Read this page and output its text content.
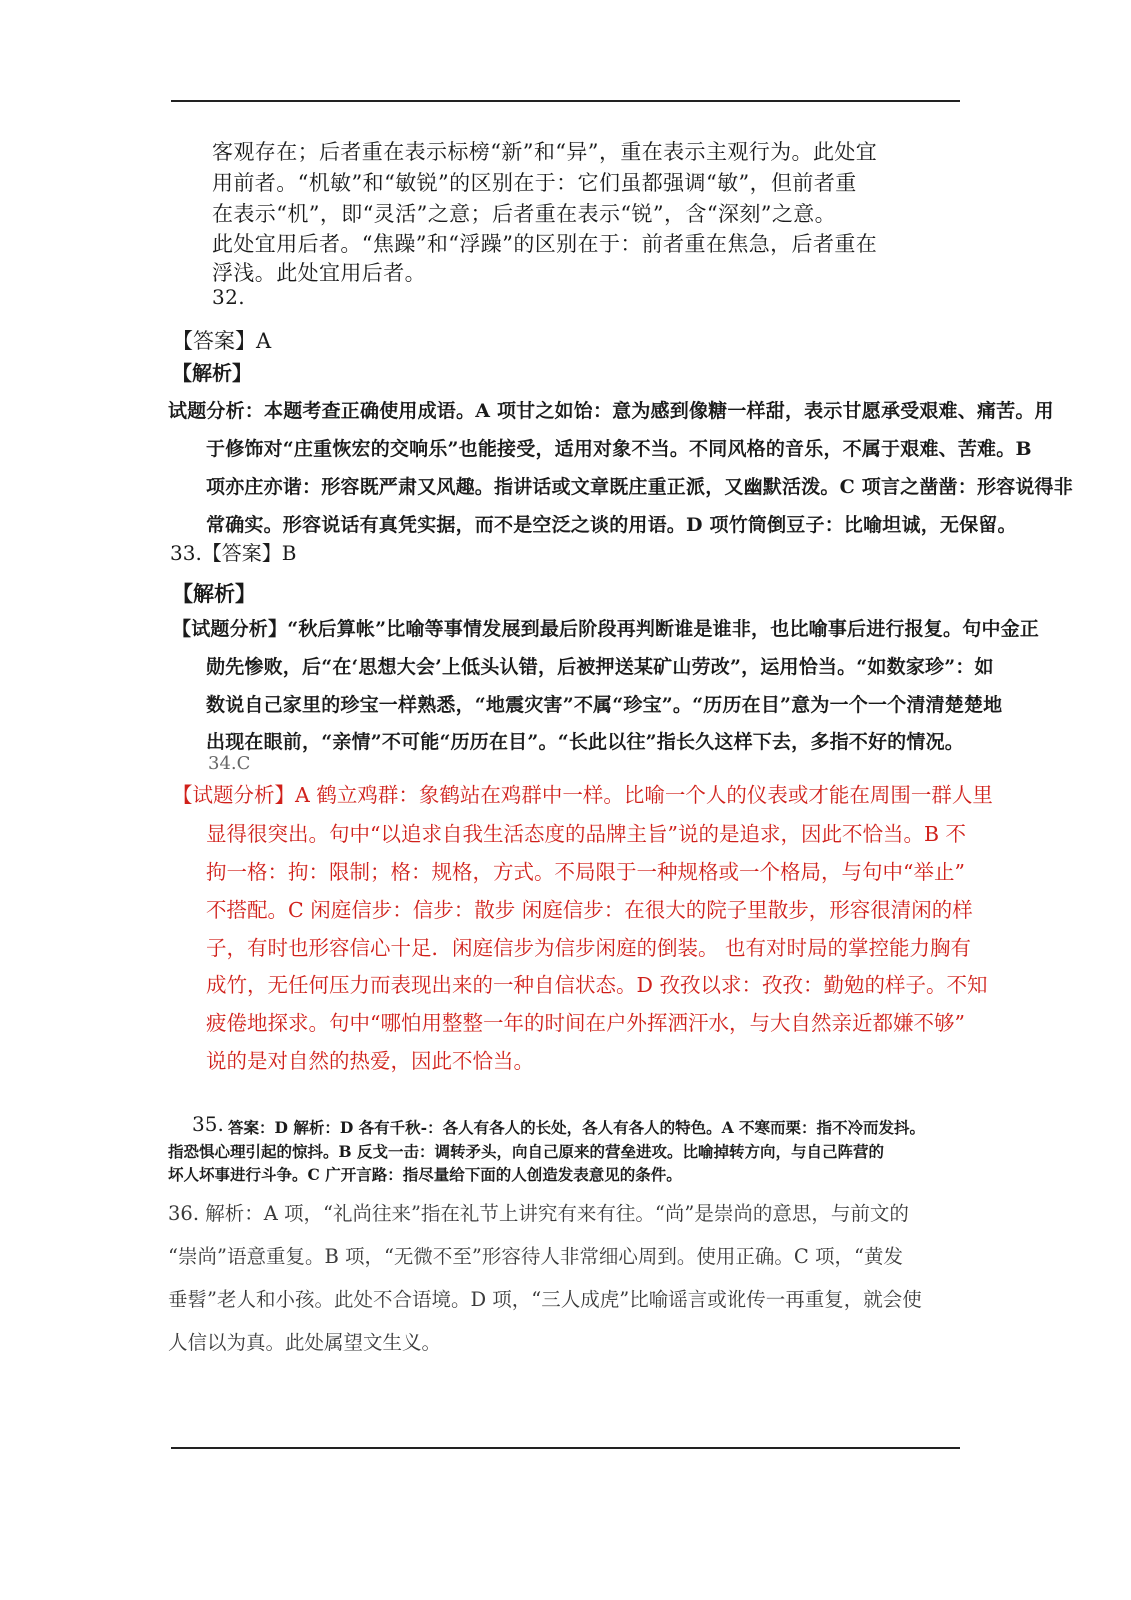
客观存在；后者重在表示标榜“新”和“异”，重在表示主观行为。此处宜
用前者。“机敏”和“敏锐”的区别在于：它们虽都强调“敏”，但前者重
在表示“机”，即“灵活”之意；后者重在表示“锐”，含“深刻”之意。
此处宜用后者。“焦躁”和“浮躁”的区别在于：前者重在焦急，后者重在
浮浅。此处宜用后者。
32.
【答案】A
【解析】
试题分析：本题考查正确使用成语。A 项甘之如饴：意为感到像糖一样甜，表示甘愿承受艰难、痛苦。用
于修饰对“庄重恢宏的交响乐”也能接受，适用对象不当。不同风格的音乐，不属于艰难、苦难。B
项亦庄亦谐：形容既严肃又风趣。指讲话或文章既庄重正派，又幽默活泼。C 项言之凿凿：形容说得非
常确实。形容说话有真凭实据，而不是空泛之谈的用语。D 项竹筒倒豆子：比喻坦诚，无保留。
33.【答案】B
【解析】
【试题分析】“秋后算帐”比喻等事情发展到最后阶段再判断谁是谁非，也比喻事后进行报复。句中金正
勋先惨败，后“在‘思想大会’上低头认错，后被押送某矿山劳改”，运用恰当。“如数家珍”：如
数说自己家里的珍宝一样熟悉，“地震灾害”不属“珍宝”。“历历在目”意为一个一个清清楚楚地
出现在眼前，“亲情”不可能“历历在目”。“长此以往”指长久这样下去，多指不好的情况。
34.C
【试题分析】A 鹤立鸡群：象鹤站在鸡群中一样。比喻一个人的仪表或才能在周围一群人里
显得很突出。句中“以追求自我生活态度的品牌主旨”说的是追求，因此不恰当。B 不
拘一格：拘：限制；格：规格，方式。不局限于一种规格或一个格局，与句中“举止”
不搭配。C 闲庭信步：信步：散步 闲庭信步：在很大的院子里散步，形容很清闲的样
子，有时也形容信心十足．闲庭信步为信步闲庭的倒装。 也有对时局的掌控能力胸有
成竹，无任何压力而表现出来的一种自信状态。D 孜孜以求：孜孜：勤勉的样子。不知
疲倦地探求。句中“哪怕用整整一年的时间在户外挥洒汗水，与大自然亲近都嫌不够”
说的是对自然的热爱，因此不恰当。
35. 答案：D 解析：D 各有千秋-：各人有各人的长处，各人有各人的特色。A 不寒而栗：指不冷而发抖。
指恐惧心理引起的惊抖。B 反戈一击：调转矛头，向自己原来的营垒进攻。比喻掉转方向，与自己阵营的
坏人坏事进行斗争。C 广开言路：指尽量给下面的人创造发表意见的条件。
36. 解析：A 项，“礼尚往来”指在礼节上讲究有来有往。“尚”是崇尚的意思，与前文的
“崇尚”语意重复。B 项，“无微不至”形容待人非常细心周到。使用正确。C 项，“黄发
垂髫”老人和小孩。此处不合语境。D 项，“三人成虎”比喻谣言或讹传一再重复，就会使
人信以为真。此处属望文生义。
